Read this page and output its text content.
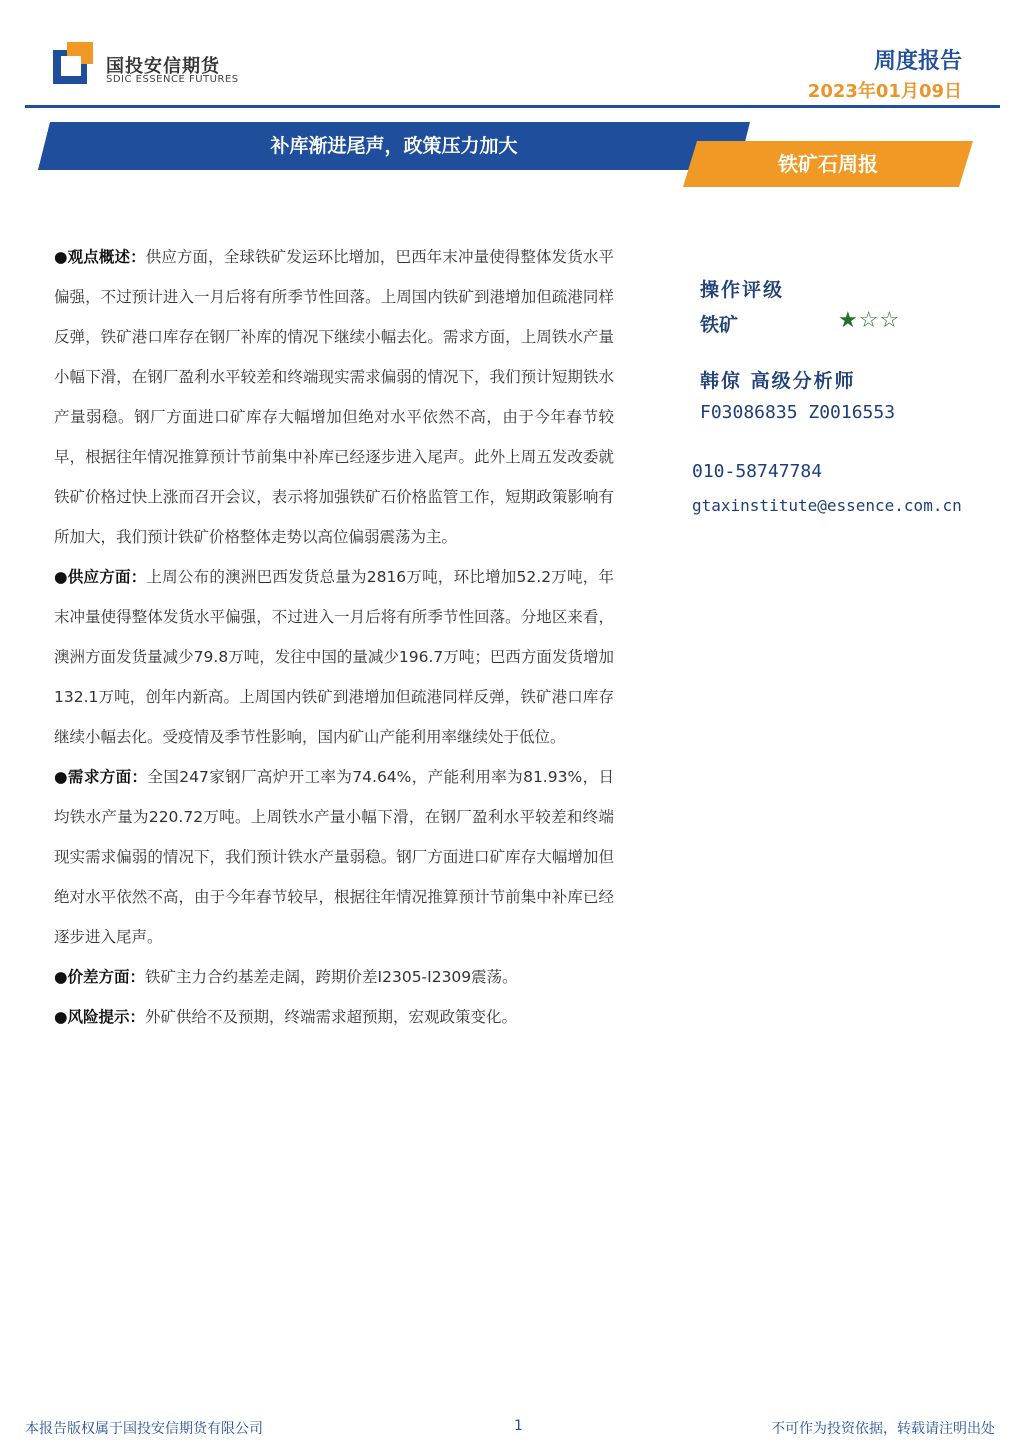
国投安信期货
SDIC ESSENCE FUTURES
周度报告
2023年01月09日
补库渐进尾声，政策压力加大
铁矿石周报

●观点概述：供应方面，全球铁矿发运环比增加，巴西年末冲量使得整体发货水平偏强，不过预计进入一月后将有所季节性回落。上周国内铁矿到港增加但疏港同样反弹，铁矿港口库存在钢厂补库的情况下继续小幅去化。需求方面，上周铁水产量小幅下滑，在钢厂盈利水平较差和终端现实需求偏弱的情况下，我们预计短期铁水产量弱稳。钢厂方面进口矿库存大幅增加但绝对水平依然不高，由于今年春节较早，根据往年情况推算预计节前集中补库已经逐步进入尾声。此外上周五发改委就铁矿价格过快上涨而召开会议，表示将加强铁矿石价格监管工作，短期政策影响有所加大，我们预计铁矿价格整体走势以高位偏弱震荡为主。

●供应方面：上周公布的澳洲巴西发货总量为2816万吨，环比增加52.2万吨，年末冲量使得整体发货水平偏强，不过进入一月后将有所季节性回落。分地区来看，澳洲方面发货量减少79.8万吨，发往中国的量减少196.7万吨；巴西方面发货增加132.1万吨，创年内新高。上周国内铁矿到港增加但疏港同样反弹，铁矿港口库存继续小幅去化。受疫情及季节性影响，国内矿山产能利用率继续处于低位。

●需求方面：全国247家钢厂高炉开工率为74.64%，产能利用率为81.93%，日均铁水产量为220.72万吨。上周铁水产量小幅下滑，在钢厂盈利水平较差和终端现实需求偏弱的情况下，我们预计铁水产量弱稳。钢厂方面进口矿库存大幅增加但绝对水平依然不高，由于今年春节较早，根据往年情况推算预计节前集中补库已经逐步进入尾声。

●价差方面：铁矿主力合约基差走阔，跨期价差I2305-I2309震荡。

●风险提示：外矿供给不及预期，终端需求超预期，宏观政策变化。

操作评级
铁矿	★☆☆
韩倞 高级分析师
F03086835 Z0016553
010-58747784
gtaxinstitute@essence.com.cn
本报告版权属于国投安信期货有限公司	1	不可作为投资依据，转载请注明出处
